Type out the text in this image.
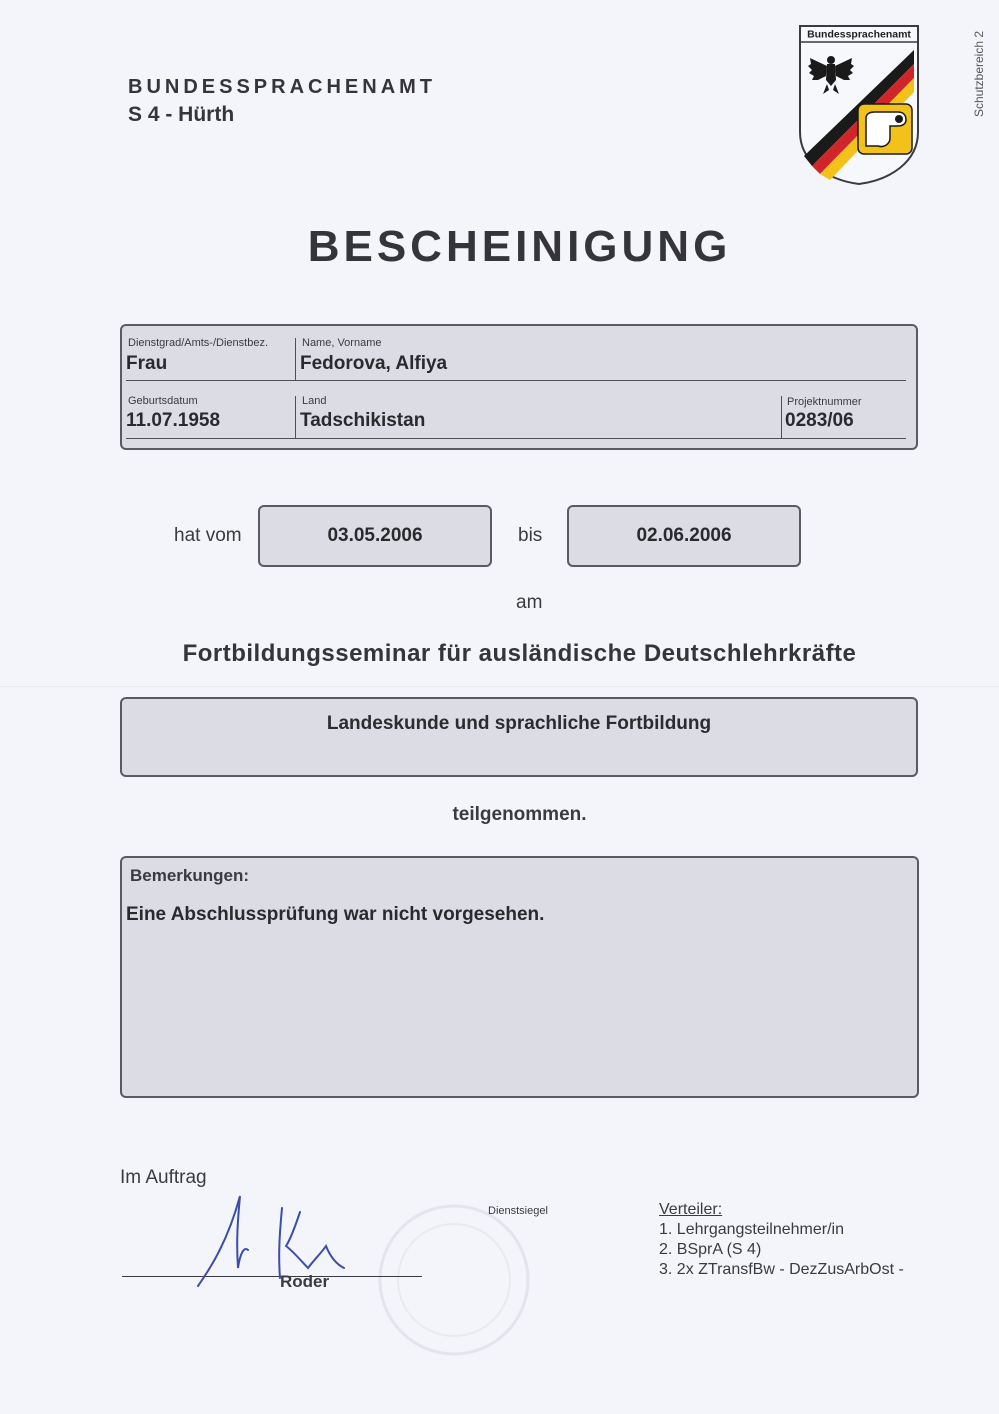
BUNDESSPRACHENAMT
S 4 - Hürth
Bundessprachenamt	Schutzbereich 2
BESCHEINIGUNG
Dienstgrad/Amts-/Dienstbez.
Frau
Name, Vorname
Fedorova, Alfiya
Geburtsdatum
11.07.1958
Land
Tadschikistan
Projektnummer
0283/06
hat vom	03.05.2006	bis	02.06.2006
am
Fortbildungsseminar für ausländische Deutschlehrkräfte
Landeskunde und sprachliche Fortbildung
teilgenommen.
Bemerkungen:
Eine Abschlussprüfung war nicht vorgesehen.
Im Auftrag
Dienstsiegel
Roder
Verteiler:
1. Lehrgangsteilnehmer/in
2. BSprA (S 4)
3. 2x ZTransfBw - DezZusArbOst -
